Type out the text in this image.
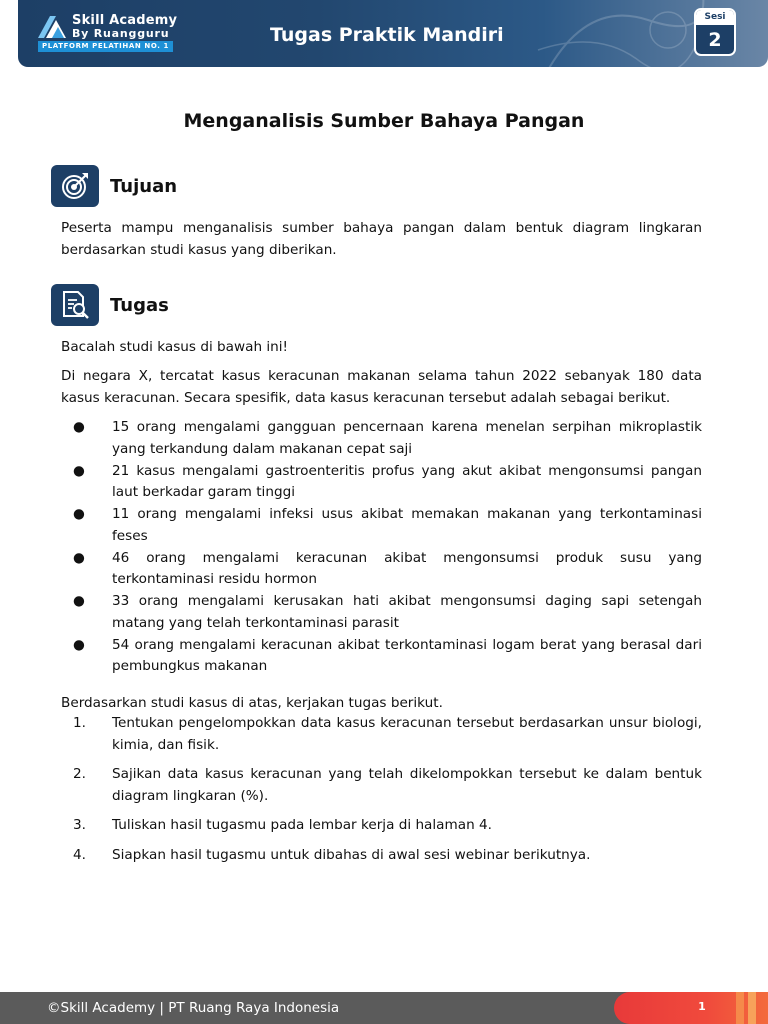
Skill Academy
By Ruangguru
PLATFORM PELATIHAN NO. 1	Tugas Praktik Mandiri
Sesi
2
Menganalisis Sumber Bahaya Pangan
Tujuan
Peserta mampu menganalisis sumber bahaya pangan dalam bentuk diagram lingkaran berdasarkan studi kasus yang diberikan.
Tugas
Bacalah studi kasus di bawah ini!
Di negara X, tercatat kasus keracunan makanan selama tahun 2022 sebanyak 180 data kasus keracunan. Secara spesifik, data kasus keracunan tersebut adalah sebagai berikut.
● 15 orang mengalami gangguan pencernaan karena menelan serpihan mikroplastik yang terkandung dalam makanan cepat saji
● 21 kasus mengalami gastroenteritis profus yang akut akibat mengonsumsi pangan laut berkadar garam tinggi
● 11 orang mengalami infeksi usus akibat memakan makanan yang terkontaminasi feses
● 46 orang mengalami keracunan akibat mengonsumsi produk susu yang terkontaminasi residu hormon
● 33 orang mengalami kerusakan hati akibat mengonsumsi daging sapi setengah matang yang telah terkontaminasi parasit
● 54 orang mengalami keracunan akibat terkontaminasi logam berat yang berasal dari pembungkus makanan
Berdasarkan studi kasus di atas, kerjakan tugas berikut.
1. Tentukan pengelompokkan data kasus keracunan tersebut berdasarkan unsur biologi, kimia, dan fisik.
2. Sajikan data kasus keracunan yang telah dikelompokkan tersebut ke dalam bentuk diagram lingkaran (%).
3. Tuliskan hasil tugasmu pada lembar kerja di halaman 4.
4. Siapkan hasil tugasmu untuk dibahas di awal sesi webinar berikutnya.
©Skill Academy | PT Ruang Raya Indonesia	1
